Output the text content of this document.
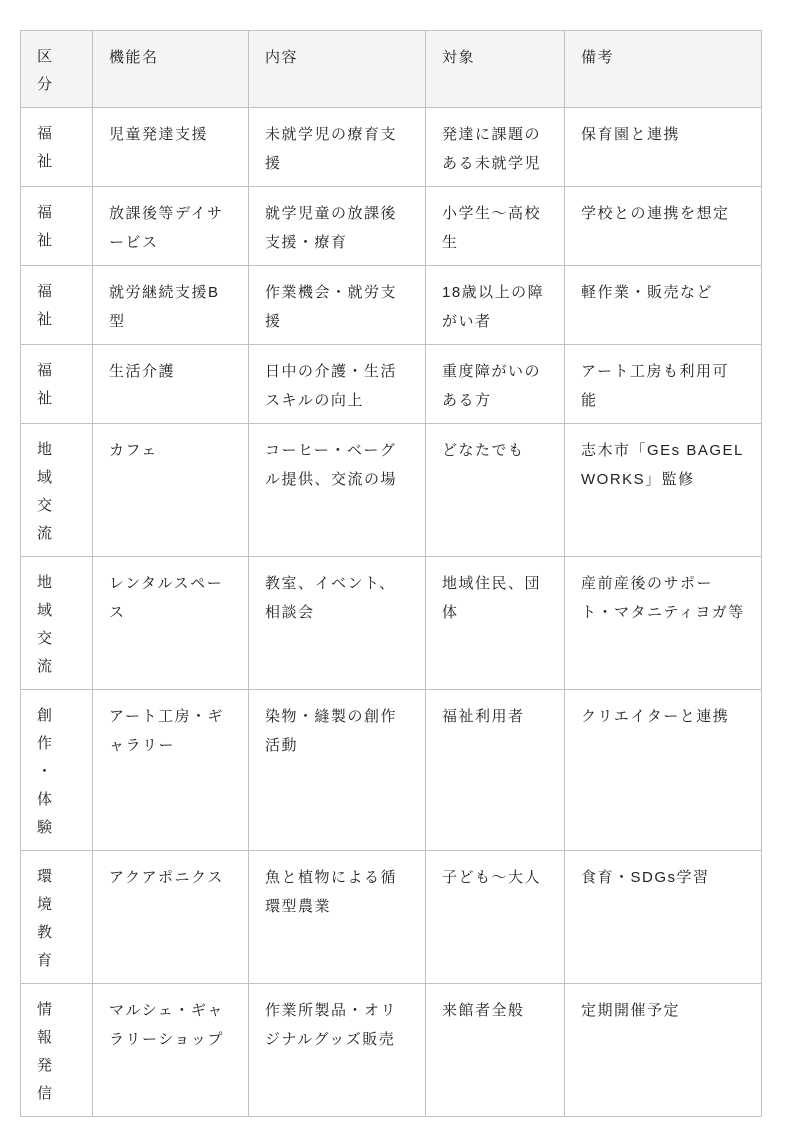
区分	機能名	内容	対象	備考
福祉	児童発達支援	未就学児の療育支援	発達に課題のある未就学児	保育園と連携
福祉	放課後等デイサービス	就学児童の放課後支援・療育	小学生〜高校生	学校との連携を想定
福祉	就労継続支援B型	作業機会・就労支援	18歳以上の障がい者	軽作業・販売など
福祉	生活介護	日中の介護・生活スキルの向上	重度障がいのある方	アート工房も利用可能
地域交流	カフェ	コーヒー・ベーグル提供、交流の場	どなたでも	志木市「GEs BAGEL WORKS」監修
地域交流	レンタルスペース	教室、イベント、相談会	地域住民、団体	産前産後のサポート・マタニティヨガ等
創作・体験	アート工房・ギャラリー	染物・縫製の創作活動	福祉利用者	クリエイターと連携
環境教育	アクアポニクス	魚と植物による循環型農業	子ども〜大人	食育・SDGs学習
情報発信	マルシェ・ギャラリーショップ	作業所製品・オリジナルグッズ販売	来館者全般	定期開催予定
